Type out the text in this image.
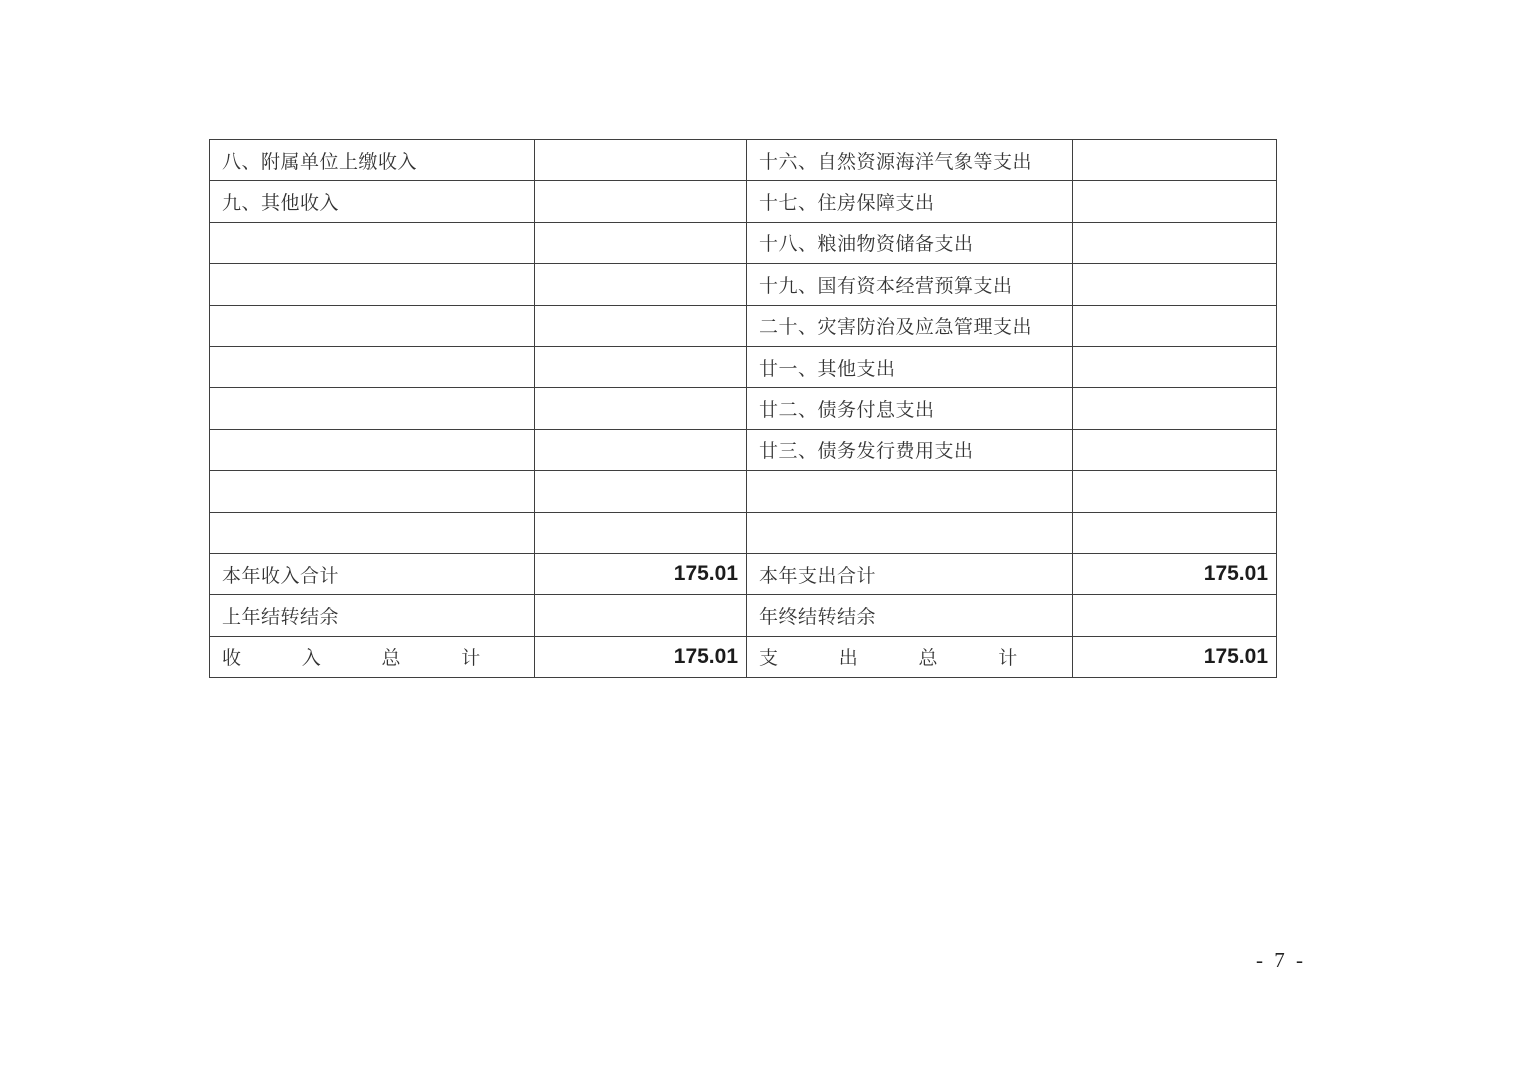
八、附属单位上缴收入		十六、自然资源海洋气象等支出	
九、其他收入		十七、住房保障支出	
		十八、粮油物资储备支出	
		十九、国有资本经营预算支出	
		二十、灾害防治及应急管理支出	
		廿一、其他支出	
		廿二、债务付息支出	
		廿三、债务发行费用支出	

本年收入合计	175.01	本年支出合计	175.01
上年结转结余		年终结转结余	
收 入 总 计	175.01	支 出 总 计	175.01
- 7 -
